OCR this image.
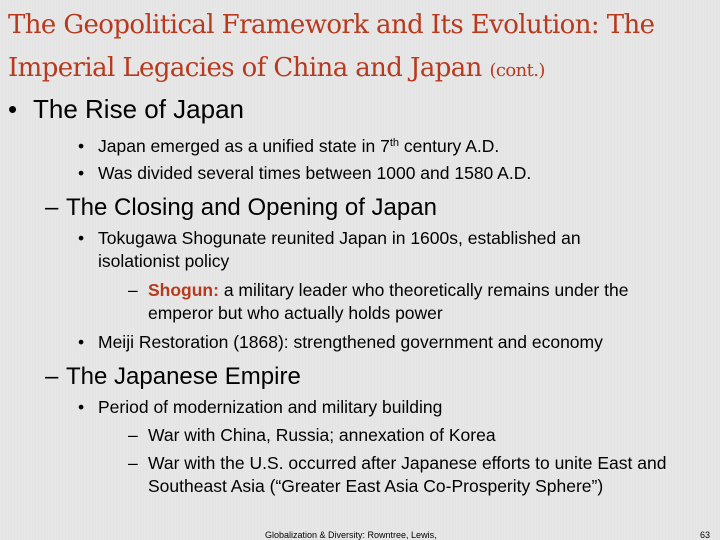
The Geopolitical Framework and Its Evolution: The Imperial Legacies of China and Japan (cont.)
• The Rise of Japan
• Japan emerged as a unified state in 7th century A.D.
• Was divided several times between 1000 and 1580 A.D.
– The Closing and Opening of Japan
• Tokugawa Shogunate reunited Japan in 1600s, established an isolationist policy
– Shogun: a military leader who theoretically remains under the emperor but who actually holds power
• Meiji Restoration (1868): strengthened government and economy
– The Japanese Empire
• Period of modernization and military building
– War with China, Russia; annexation of Korea
– War with the U.S. occurred after Japanese efforts to unite East and Southeast Asia (“Greater East Asia Co-Prosperity Sphere”)
Globalization & Diversity: Rowntree, Lewis,	63
